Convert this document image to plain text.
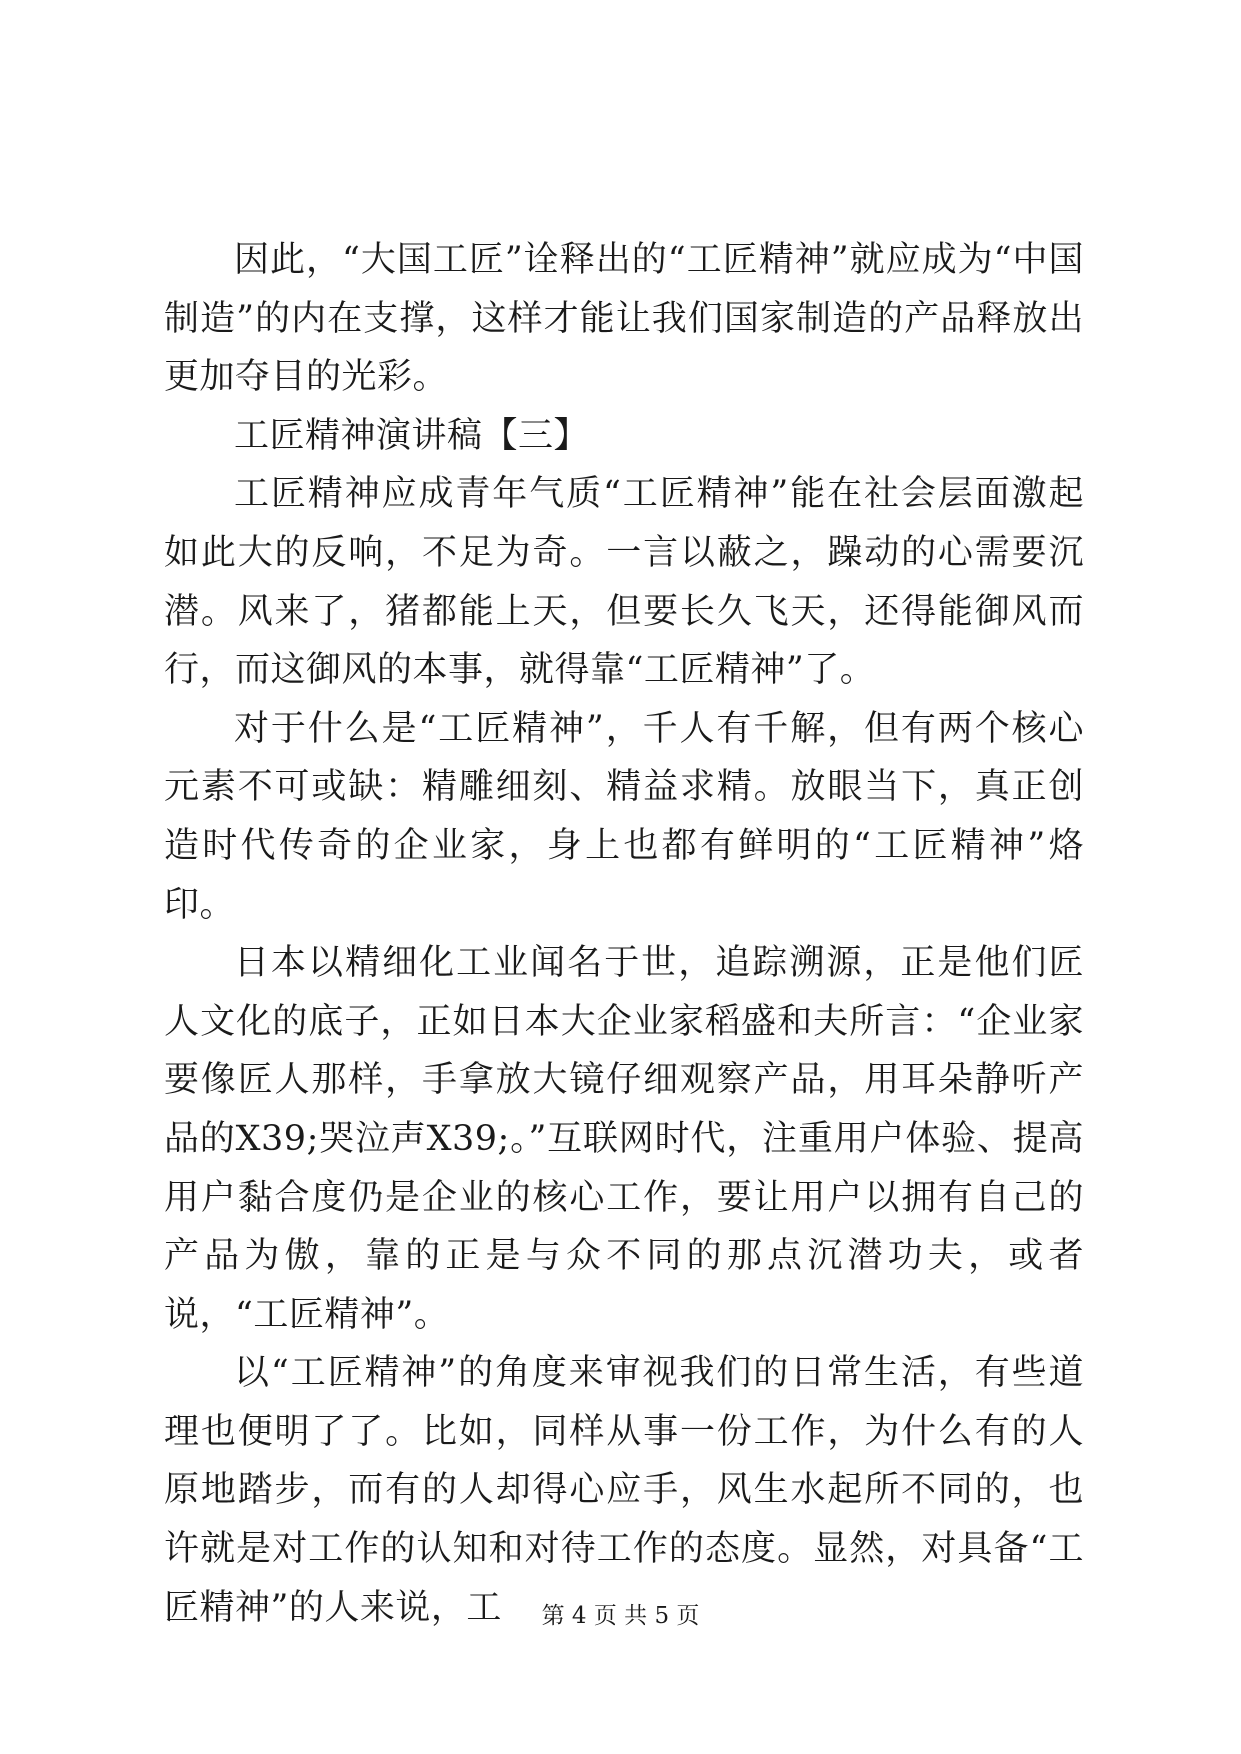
因此，“大国工匠”诠释出的“工匠精神”就应成为“中国制造”的内在支撑，这样才能让我们国家制造的产品释放出更加夺目的光彩。

工匠精神演讲稿【三】

工匠精神应成青年气质“工匠精神”能在社会层面激起如此大的反响，不足为奇。一言以蔽之，躁动的心需要沉潜。风来了，猪都能上天，但要长久飞天，还得能御风而行，而这御风的本事，就得靠“工匠精神”了。

对于什么是“工匠精神”，千人有千解，但有两个核心元素不可或缺：精雕细刻、精益求精。放眼当下，真正创造时代传奇的企业家，身上也都有鲜明的“工匠精神”烙印。

日本以精细化工业闻名于世，追踪溯源，正是他们匠人文化的底子，正如日本大企业家稻盛和夫所言：“企业家要像匠人那样，手拿放大镜仔细观察产品，用耳朵静听产品的X39;哭泣声X39;。”互联网时代，注重用户体验、提高用户黏合度仍是企业的核心工作，要让用户以拥有自己的产品为傲，靠的正是与众不同的那点沉潜功夫，或者说，“工匠精神”。

以“工匠精神”的角度来审视我们的日常生活，有些道理也便明了了。比如，同样从事一份工作，为什么有的人原地踏步，而有的人却得心应手，风生水起所不同的，也许就是对工作的认知和对待工作的态度。显然，对具备“工匠精神”的人来说，工	第 4 页 共 5 页
